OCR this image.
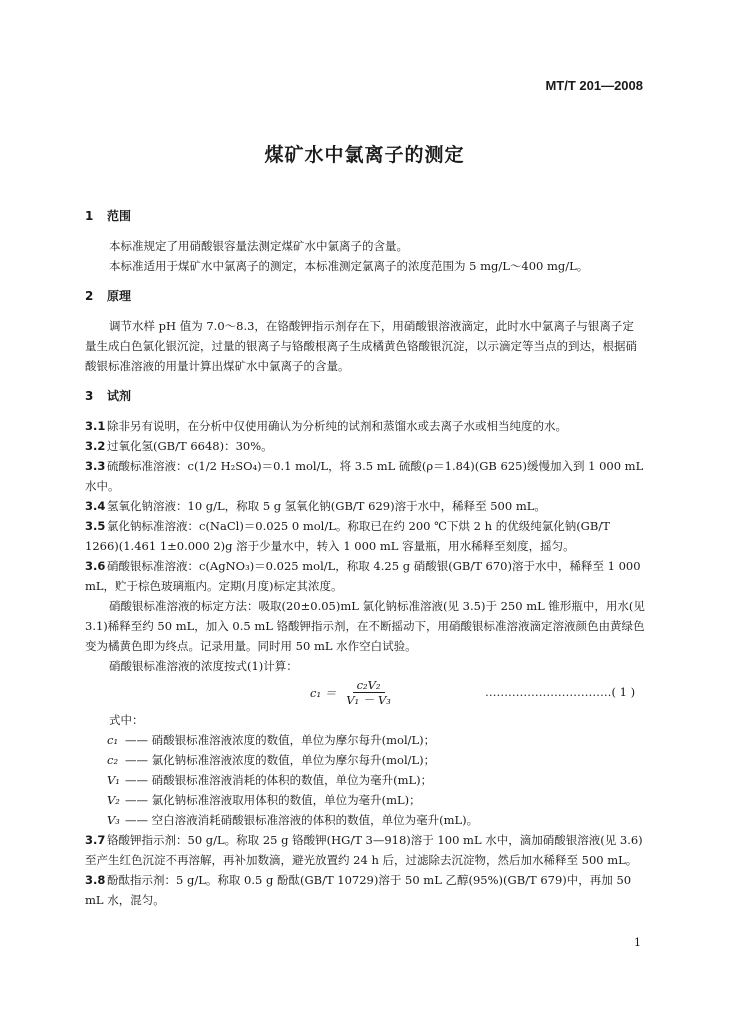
MT/T 201—2008
煤矿水中氯离子的测定

1 范围

本标准规定了用硝酸银容量法测定煤矿水中氯离子的含量。

本标准适用于煤矿水中氯离子的测定，本标准测定氯离子的浓度范围为 5 mg/L～400 mg/L。

2 原理

调节水样 pH 值为 7.0～8.3，在铬酸钾指示剂存在下，用硝酸银溶液滴定，此时水中氯离子与银离子定量生成白色氯化银沉淀，过量的银离子与铬酸根离子生成橘黄色铬酸银沉淀，以示滴定等当点的到达，根据硝酸银标准溶液的用量计算出煤矿水中氯离子的含量。

3 试剂

3.1 除非另有说明，在分析中仅使用确认为分析纯的试剂和蒸馏水或去离子水或相当纯度的水。

3.2 过氧化氢(GB/T 6648)：30%。

3.3 硫酸标准溶液：c(1/2 H₂SO₄)＝0.1 mol/L，将 3.5 mL 硫酸(ρ＝1.84)(GB 625)缓慢加入到 1 000 mL水中。

3.4 氢氧化钠溶液：10 g/L，称取 5 g 氢氧化钠(GB/T 629)溶于水中，稀释至 500 mL。

3.5 氯化钠标准溶液：c(NaCl)＝0.025 0 mol/L。称取已在约 200 ℃下烘 2 h 的优级纯氯化钠(GB/T 1266)(1.461 1±0.000 2)g 溶于少量水中，转入 1 000 mL 容量瓶，用水稀释至刻度，摇匀。

3.6 硝酸银标准溶液：c(AgNO₃)＝0.025 mol/L，称取 4.25 g 硝酸银(GB/T 670)溶于水中，稀释至 1 000 mL，贮于棕色玻璃瓶内。定期(月度)标定其浓度。

硝酸银标准溶液的标定方法：吸取(20±0.05)mL 氯化钠标准溶液(见 3.5)于 250 mL 锥形瓶中，用水(见 3.1)稀释至约 50 mL，加入 0.5 mL 铬酸钾指示剂，在不断摇动下，用硝酸银标准溶液滴定溶液颜色由黄绿色变为橘黄色即为终点。记录用量。同时用 50 mL 水作空白试验。

硝酸银标准溶液的浓度按式(1)计算：

$c_1 = \frac{\text{c₂V₂}}{\text{V₁ － V₃}}$	……………………………( 1 )

式中：

c₁ —— 硝酸银标准溶液浓度的数值，单位为摩尔每升(mol/L)；

c₂ —— 氯化钠标准溶液浓度的数值，单位为摩尔每升(mol/L)；

V₁ —— 硝酸银标准溶液消耗的体积的数值，单位为毫升(mL)；

V₂ —— 氯化钠标准溶液取用体积的数值，单位为毫升(mL)；

V₃ —— 空白溶液消耗硝酸银标准溶液的体积的数值，单位为毫升(mL)。

3.7 铬酸钾指示剂：50 g/L。称取 25 g 铬酸钾(HG/T 3—918)溶于 100 mL 水中，滴加硝酸银溶液(见 3.6)至产生红色沉淀不再溶解，再补加数滴，避光放置约 24 h 后，过滤除去沉淀物，然后加水稀释至 500 mL。

3.8 酚酞指示剂：5 g/L。称取 0.5 g 酚酞(GB/T 10729)溶于 50 mL 乙醇(95%)(GB/T 679)中，再加 50 mL 水，混匀。

1
